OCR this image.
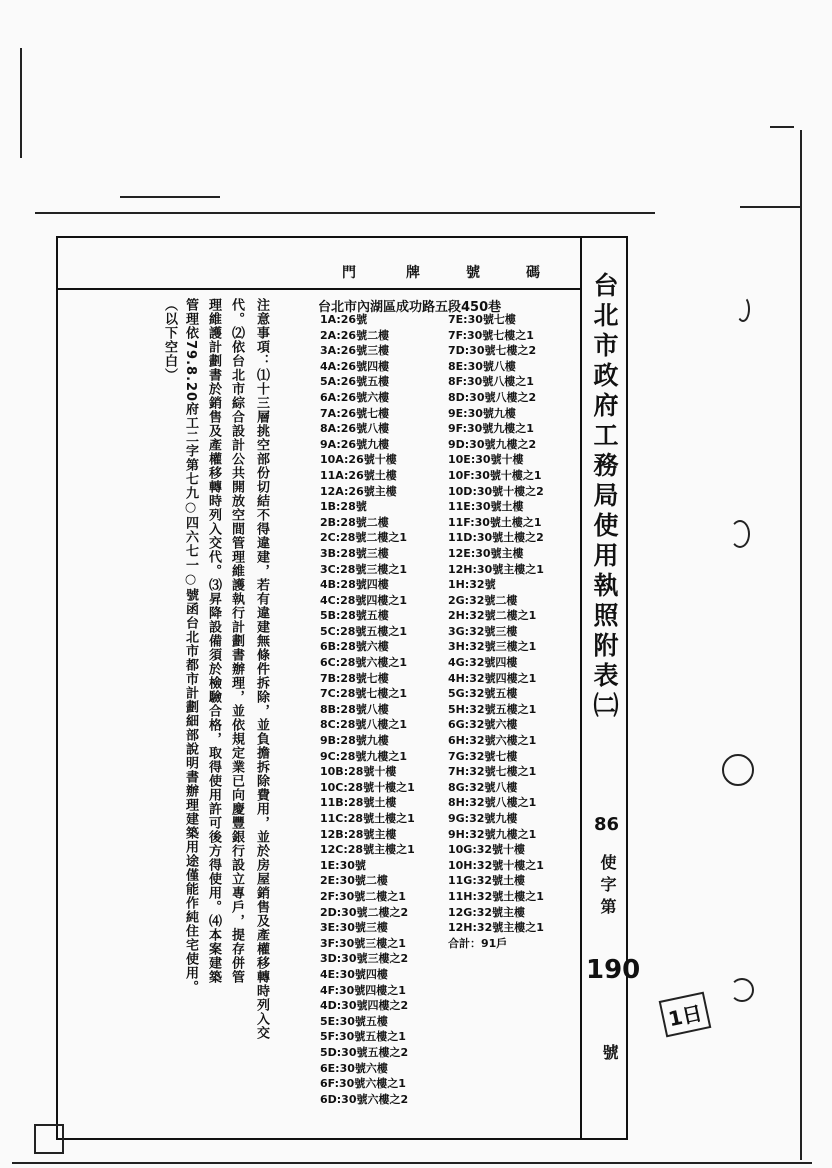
門	牌	號	碼
台北市內湖區成功路五段450巷
1A:26號
2A:26號二樓
3A:26號三樓
4A:26號四樓
5A:26號五樓
6A:26號六樓
7A:26號七樓
8A:26號八樓
9A:26號九樓
10A:26號十樓
11A:26號土樓
12A:26號主樓
1B:28號
2B:28號二樓
2C:28號二樓之1
3B:28號三樓
3C:28號三樓之1
4B:28號四樓
4C:28號四樓之1
5B:28號五樓
5C:28號五樓之1
6B:28號六樓
6C:28號六樓之1
7B:28號七樓
7C:28號七樓之1
8B:28號八樓
8C:28號八樓之1
9B:28號九樓
9C:28號九樓之1
10B:28號十樓
10C:28號十樓之1
11B:28號土樓
11C:28號土樓之1
12B:28號主樓
12C:28號主樓之1
1E:30號
2E:30號二樓
2F:30號二樓之1
2D:30號二樓之2
3E:30號三樓
3F:30號三樓之1
3D:30號三樓之2
4E:30號四樓
4F:30號四樓之1
4D:30號四樓之2
5E:30號五樓
5F:30號五樓之1
5D:30號五樓之2
6E:30號六樓
6F:30號六樓之1
6D:30號六樓之2
7E:30號七樓
7F:30號七樓之1
7D:30號七樓之2
8E:30號八樓
8F:30號八樓之1
8D:30號八樓之2
9E:30號九樓
9F:30號九樓之1
9D:30號九樓之2
10E:30號十樓
10F:30號十樓之1
10D:30號十樓之2
11E:30號土樓
11F:30號土樓之1
11D:30號土樓之2
12E:30號主樓
12H:30號主樓之1
1H:32號
2G:32號二樓
2H:32號二樓之1
3G:32號三樓
3H:32號三樓之1
4G:32號四樓
4H:32號四樓之1
5G:32號五樓
5H:32號五樓之1
6G:32號六樓
6H:32號六樓之1
7G:32號七樓
7H:32號七樓之1
8G:32號八樓
8H:32號八樓之1
9G:32號九樓
9H:32號九樓之1
10G:32號十樓
10H:32號十樓之1
11G:32號土樓
11H:32號土樓之1
12G:32號主樓
12H:32號主樓之1
合計：91戶
注意事項：⑴十三層挑空部份切結不得違建，若有違建無條件拆除，並負擔拆除費用，並於房屋銷售及產權移轉時列入交
代。⑵依台北市綜合設計公共開放空間管理維護執行計劃書辦理，並依規定業已向慶豐銀行設立專戶，提存併管
理維護計劃書於銷售及產權移轉時列入交代。⑶昇降設備須於檢驗合格，取得使用許可後方得使用。⑷本案建築
管理依79.8.20府工二字第七九○四六七一○號函台北市都市計劃細部說明書辦理建築用途僅能作純住宅使用。
（以下空白）	台北市政府工務局使用執照附表㈡
86
使字第
190
號
1日
